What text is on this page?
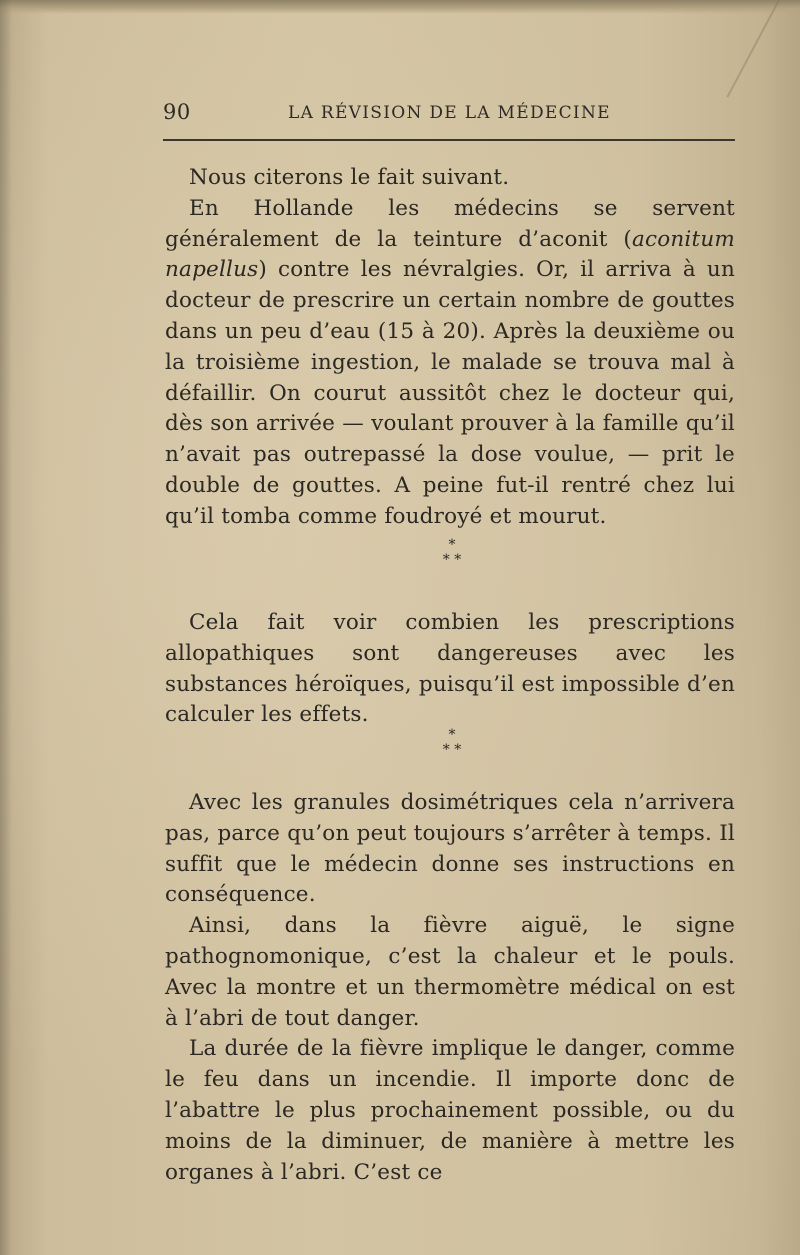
90	LA RÉVISION DE LA MÉDECINE

Nous citerons le fait suivant.

En Hollande les médecins se servent généralement de la teinture d’aconit (aconitum napellus) contre les névralgies. Or, il arriva à un docteur de prescrire un certain nombre de gouttes dans un peu d’eau (15 à 20). Après la deuxième ou la troisième ingestion, le malade se trouva mal à défaillir. On courut aussitôt chez le docteur qui, dès son arrivée — voulant prouver à la famille qu’il n’avait pas outrepassé la dose voulue, — prit le double de gouttes. A peine fut-il rentré chez lui qu’il tomba comme foudroyé et mourut.

*
* *

Cela fait voir combien les prescriptions allopathiques sont dangereuses avec les substances héroïques, puisqu’il est impossible d’en calculer les effets.

*
* *

Avec les granules dosimétriques cela n’arrivera pas, parce qu’on peut toujours s’arrêter à temps. Il suffit que le médecin donne ses instructions en conséquence.

Ainsi, dans la fièvre aiguë, le signe pathognomonique, c’est la chaleur et le pouls. Avec la montre et un thermomètre médical on est à l’abri de tout danger.

La durée de la fièvre implique le danger, comme le feu dans un incendie. Il importe donc de l’abattre le plus prochainement possible, ou du moins de la diminuer, de manière à mettre les organes à l’abri. C’est ce
